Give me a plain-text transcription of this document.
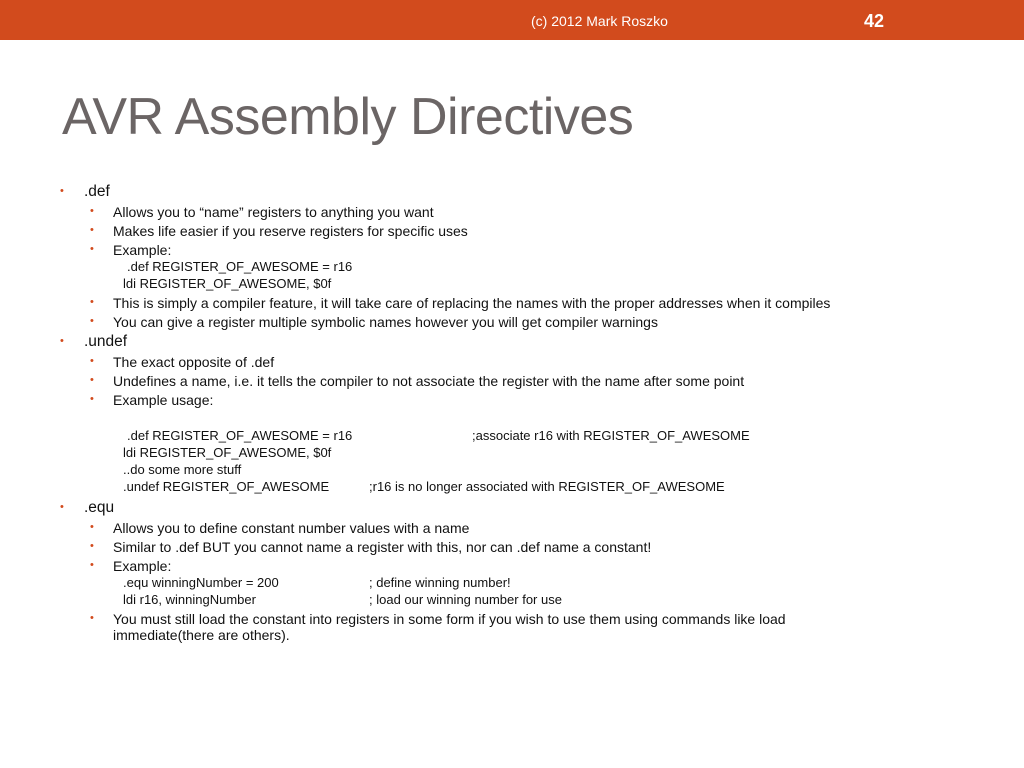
(c) 2012 Mark Roszko	42
AVR Assembly Directives
• .def
• Allows you to “name” registers to anything you want
• Makes life easier if you reserve registers for specific uses
• Example:
.def REGISTER_OF_AWESOME = r16
ldi REGISTER_OF_AWESOME, $0f
• This is simply a compiler feature, it will take care of replacing the names with the proper addresses when it compiles
• You can give a register multiple symbolic names however you will get compiler warnings
• .undef
• The exact opposite of .def
• Undefines a name, i.e. it tells the compiler to not associate the register with the name after some point
• Example usage:
.def REGISTER_OF_AWESOME = r16	;associate r16 with REGISTER_OF_AWESOME
ldi REGISTER_OF_AWESOME, $0f
..do some more stuff
.undef REGISTER_OF_AWESOME	;r16 is no longer associated with REGISTER_OF_AWESOME
• .equ
• Allows you to define constant number values with a name
• Similar to .def BUT you cannot name a register with this, nor can .def name a constant!
• Example:
.equ winningNumber = 200	; define winning number!
ldi r16, winningNumber	; load our winning number for use
• You must still load the constant into registers in some form if you wish to use them using commands like load
immediate(there are others).
